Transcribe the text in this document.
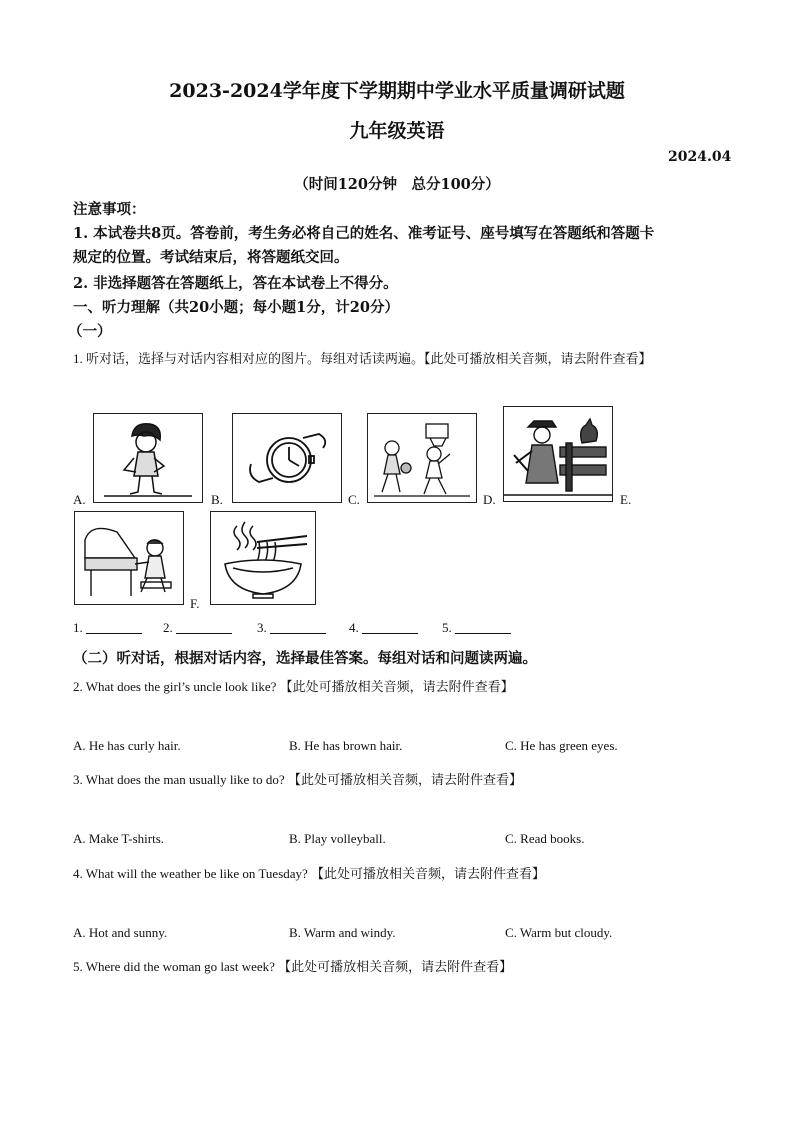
2023-2024学年度下学期期中学业水平质量调研试题
九年级英语
2024.04
（时间120分钟　总分100分）
注意事项：
1. 本试卷共8页。答卷前，考生务必将自己的姓名、准考证号、座号填写在答题纸和答题卡
规定的位置。考试结束后，将答题纸交回。
2. 非选择题答在答题纸上，答在本试卷上不得分。
一、听力理解（共20小题；每小题1分，计20分）
（一）
1. 听对话，选择与对话内容相对应的图片。每组对话读两遍。【此处可播放相关音频，请去附件查看】
A.	B.	C.	D.	E.
F.
1.	2.	3.	4.	5.
（二）听对话，根据对话内容，选择最佳答案。每组对话和问题读两遍。
2. What does the girl’s uncle look like? 【此处可播放相关音频，请去附件查看】
A. He has curly hair.	B. He has brown hair.	C. He has green eyes.
3. What does the man usually like to do? 【此处可播放相关音频，请去附件查看】
A. Make T-shirts.	B. Play volleyball.	C. Read books.
4. What will the weather be like on Tuesday? 【此处可播放相关音频，请去附件查看】
A. Hot and sunny.	B. Warm and windy.	C. Warm but cloudy.
5. Where did the woman go last week? 【此处可播放相关音频，请去附件查看】
